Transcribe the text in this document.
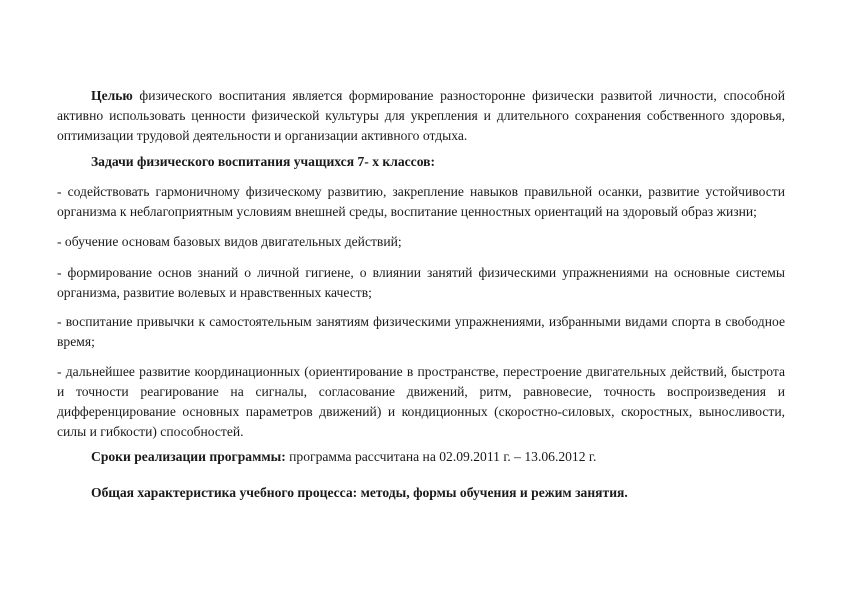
Целью физического воспитания является формирование разносторонне физически развитой личности, способной активно использовать ценности физической культуры для укрепления и длительного сохранения собственного здоровья, оптимизации трудовой деятельности и организации активного отдыха.

Задачи физического воспитания учащихся 7- х классов:

- содействовать гармоничному физическому развитию, закрепление навыков правильной осанки, развитие устойчивости организма к неблагоприятным условиям внешней среды, воспитание ценностных ориентаций на здоровый образ жизни;

- обучение основам базовых видов двигательных действий;

- формирование основ знаний о личной гигиене, о влиянии занятий физическими упражнениями на основные системы организма, развитие волевых и нравственных качеств;

- воспитание привычки к самостоятельным занятиям физическими упражнениями, избранными видами спорта в свободное время;

- дальнейшее развитие координационных (ориентирование в пространстве, перестроение двигательных действий, быстрота и точности реагирование на сигналы, согласование движений, ритм, равновесие, точность воспроизведения и дифференцирование основных параметров движений) и кондиционных (скоростно-силовых, скоростных, выносливости, силы и гибкости) способностей.

Сроки реализации программы: программа рассчитана на 02.09.2011 г. – 13.06.2012 г.

Общая характеристика учебного процесса: методы, формы обучения и режим занятия.
